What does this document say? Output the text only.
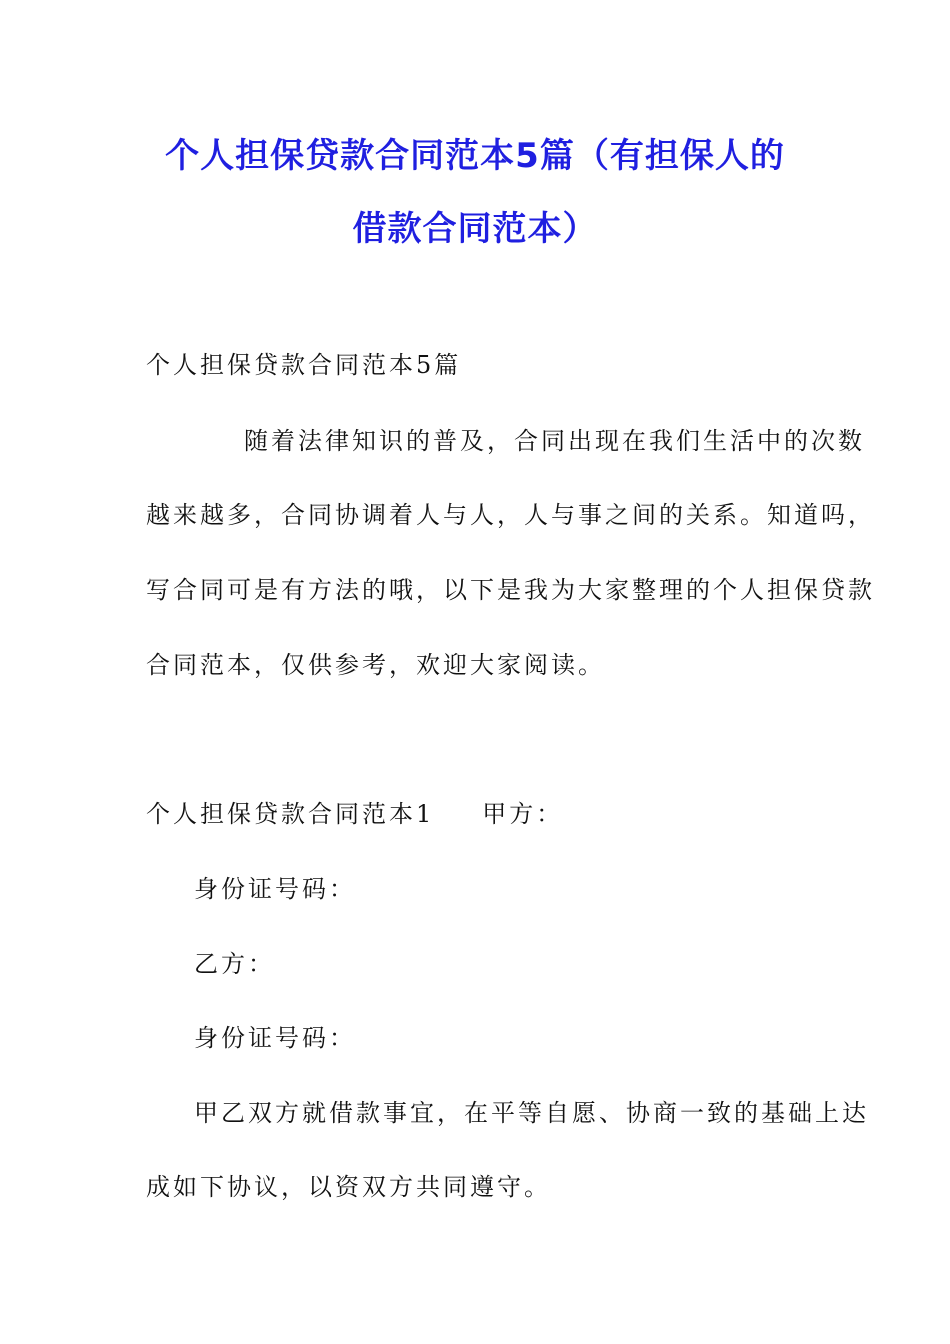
个人担保贷款合同范本5篇（有担保人的
借款合同范本）
个人担保贷款合同范本5篇
随着法律知识的普及，合同出现在我们生活中的次数
越来越多，合同协调着人与人，人与事之间的关系。知道吗，
写合同可是有方法的哦，以下是我为大家整理的个人担保贷款
合同范本，仅供参考，欢迎大家阅读。
个人担保贷款合同范本1 甲方：
身份证号码：
乙方：
身份证号码：
甲乙双方就借款事宜，在平等自愿、协商一致的基础上达
成如下协议，以资双方共同遵守。
